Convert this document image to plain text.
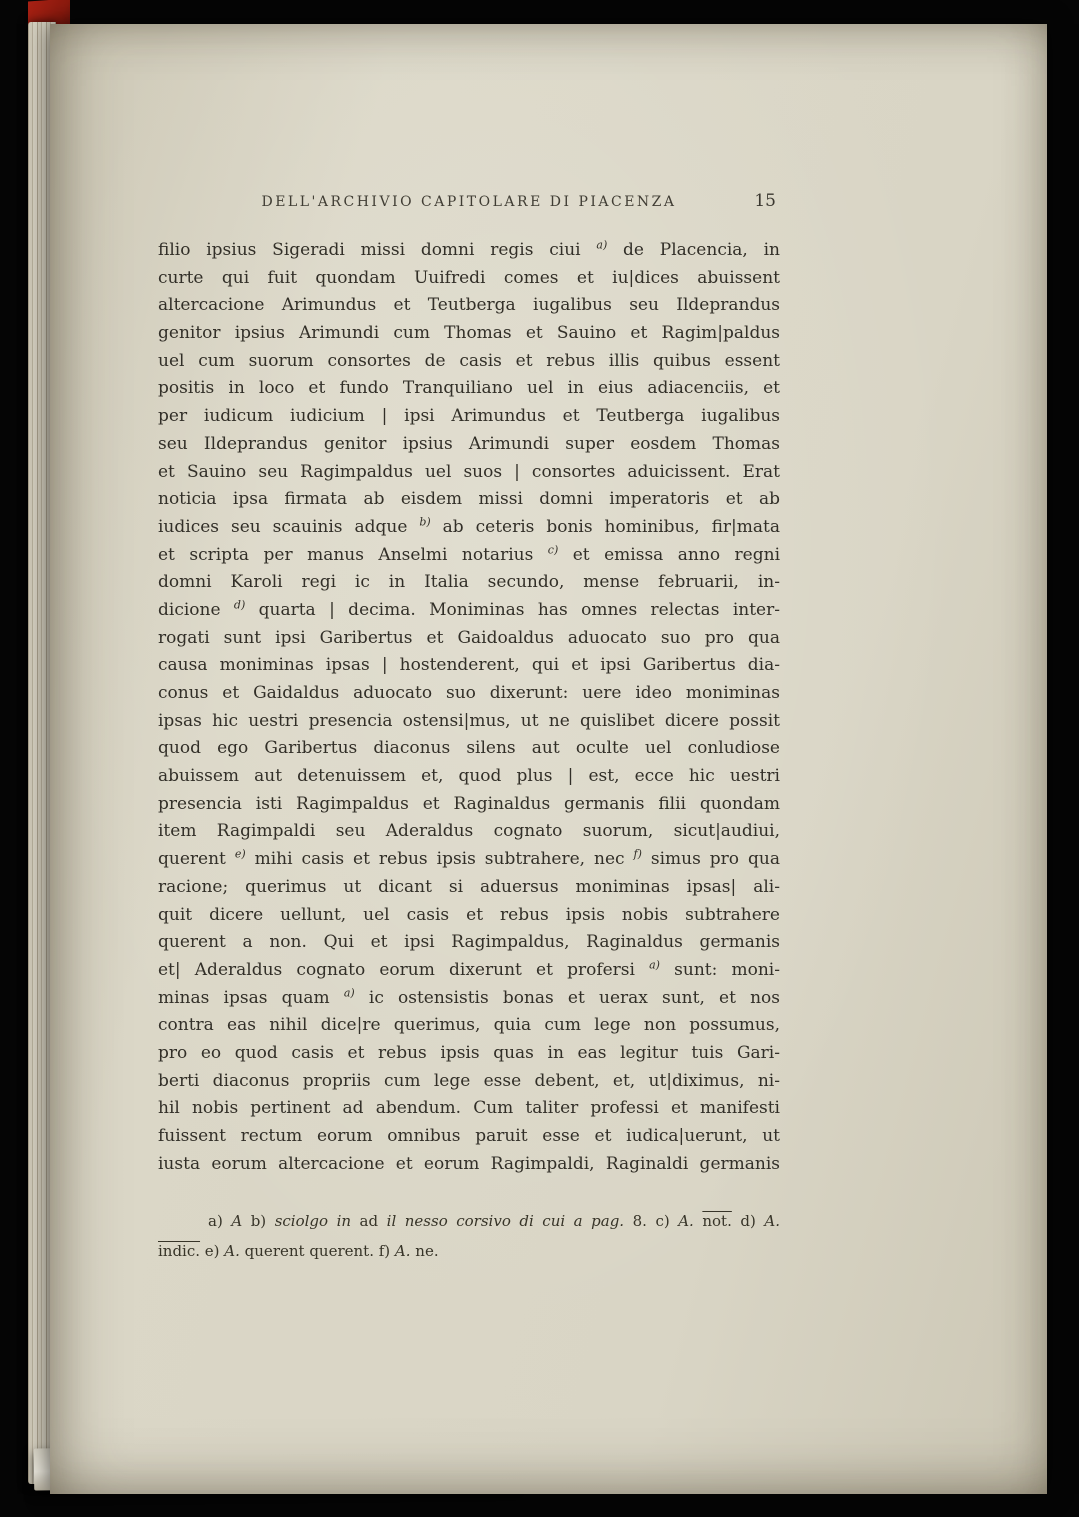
DELL'ARCHIVIO CAPITOLARE DI PIACENZA	15
filio ipsius Sigeradi missi domni regis ciui $^{a)}$ de Placencia, in
curte qui fuit quondam Uuifredi comes et iu|dices abuissent
altercacione Arimundus et Teutberga iugalibus seu Ildeprandus
genitor ipsius Arimundi cum Thomas et Sauino et Ragim|paldus
uel cum suorum consortes de casis et rebus illis quibus essent
positis in loco et fundo Tranquiliano uel in eius adiacenciis, et
per iudicum iudicium | ipsi Arimundus et Teutberga iugalibus
seu Ildeprandus genitor ipsius Arimundi super eosdem Thomas
et Sauino seu Ragimpaldus uel suos | consortes aduicissent. Erat
noticia ipsa firmata ab eisdem missi domni imperatoris et ab
iudices seu scauinis adque $^{b)}$ ab ceteris bonis hominibus, fir|mata
et scripta per manus Anselmi notarius $^{c)}$ et emissa anno regni
domni Karoli regi ic in Italia secundo, mense februarii, in-
dicione $^{d)}$ quarta | decima. Moniminas has omnes relectas inter-
rogati sunt ipsi Garibertus et Gaidoaldus aduocato suo pro qua
causa moniminas ipsas | hostenderent, qui et ipsi Garibertus dia-
conus et Gaidaldus aduocato suo dixerunt: uere ideo moniminas
ipsas hic uestri presencia ostensi|mus, ut ne quislibet dicere possit
quod ego Garibertus diaconus silens aut oculte uel conludiose
abuissem aut detenuissem et, quod plus | est, ecce hic uestri
presencia isti Ragimpaldus et Raginaldus germanis filii quondam
item Ragimpaldi seu Aderaldus cognato suorum, sicut|audiui,
querent $^{e)}$ mihi casis et rebus ipsis subtrahere, nec $^{f)}$ simus pro qua
racione; querimus ut dicant si aduersus moniminas ipsas| ali-
quit dicere uellunt, uel casis et rebus ipsis nobis subtrahere
querent a non. Qui et ipsi Ragimpaldus, Raginaldus germanis
et| Aderaldus cognato eorum dixerunt et profersi $^{a)}$ sunt: moni-
minas ipsas quam $^{a)}$ ic ostensistis bonas et uerax sunt, et nos
contra eas nihil dice|re querimus, quia cum lege non possumus,
pro eo quod casis et rebus ipsis quas in eas legitur tuis Gari-
berti diaconus propriis cum lege esse debent, et, ut|diximus, ni-
hil nobis pertinent ad abendum. Cum taliter professi et manifesti
fuissent rectum eorum omnibus paruit esse et iudica|uerunt, ut
iusta eorum altercacione et eorum Ragimpaldi, Raginaldi germanis
a) A b) sciolgo in ad il nesso corsivo di cui a pag. 8. c) A. not. d) A.
indic. e) A. querent querent. f) A. ne.
